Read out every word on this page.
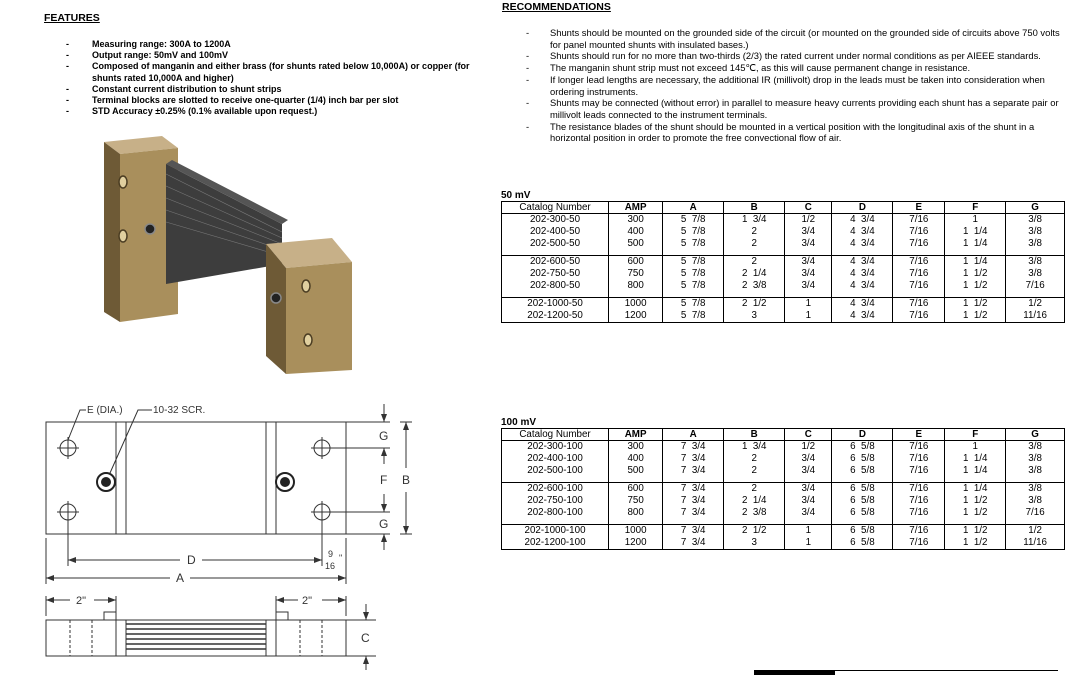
FEATURES
- Measuring range: 300A to 1200A
- Output range: 50mV and 100mV
- Composed of manganin and either brass (for shunts rated below 10,000A) or copper (for shunts rated 10,000A and higher)
- Constant current distribution to shunt strips
- Terminal blocks are slotted to receive one-quarter (1/4) inch bar per slot
- STD Accuracy ±0.25% (0.1% available upon request.)
RECOMMENDATIONS
- Shunts should be mounted on the grounded side of the circuit (or mounted on the grounded side of circuits above 750 volts for panel mounted shunts with insulated bases.)
- Shunts should run for no more than two-thirds (2/3) the rated current under normal conditions as per AIEEE standards.
- The manganin shunt strip must not exceed 145℃, as this will cause permanent change in resistance.
- If longer lead lengths are necessary, the additional IR (millivolt) drop in the leads must be taken into consideration when ordering instruments.
- Shunts may be connected (without error) in parallel to measure heavy currents providing each shunt has a separate pair or millivolt leads connected to the instrument terminals.
- The resistance blades of the shunt should be mounted in a vertical position with the longitudinal axis of the shunt in a horizontal position in order to promote the free convectional flow of air.
E (DIA.)	10-32 SCR.
G
F
G
B
D
A
9
16
"
2"	2"
C
50 mV
Catalog Number	AMP	A	B	C	D	E	F	G
202-300-50	300	5  7/8	1  3/4	1/2	4  3/4	7/16	1	3/8
202-400-50	400	5  7/8	2	3/4	4  3/4	7/16	1  1/4	3/8
202-500-50	500	5  7/8	2	3/4	4  3/4	7/16	1  1/4	3/8

202-600-50	600	5  7/8	2	3/4	4  3/4	7/16	1  1/4	3/8
202-750-50	750	5  7/8	2  1/4	3/4	4  3/4	7/16	1  1/2	3/8
202-800-50	800	5  7/8	2  3/8	3/4	4  3/4	7/16	1  1/2	7/16

202-1000-50	1000	5  7/8	2  1/2	1	4  3/4	7/16	1  1/2	1/2
202-1200-50	1200	5  7/8	3	1	4  3/4	7/16	1  1/2	11/16
100 mV
Catalog Number	AMP	A	B	C	D	E	F	G
202-300-100	300	7  3/4	1  3/4	1/2	6  5/8	7/16	1	3/8
202-400-100	400	7  3/4	2	3/4	6  5/8	7/16	1  1/4	3/8
202-500-100	500	7  3/4	2	3/4	6  5/8	7/16	1  1/4	3/8

202-600-100	600	7  3/4	2	3/4	6  5/8	7/16	1  1/4	3/8
202-750-100	750	7  3/4	2  1/4	3/4	6  5/8	7/16	1  1/2	3/8
202-800-100	800	7  3/4	2  3/8	3/4	6  5/8	7/16	1  1/2	7/16

202-1000-100	1000	7  3/4	2  1/2	1	6  5/8	7/16	1  1/2	1/2
202-1200-100	1200	7  3/4	3	1	6  5/8	7/16	1  1/2	11/16
